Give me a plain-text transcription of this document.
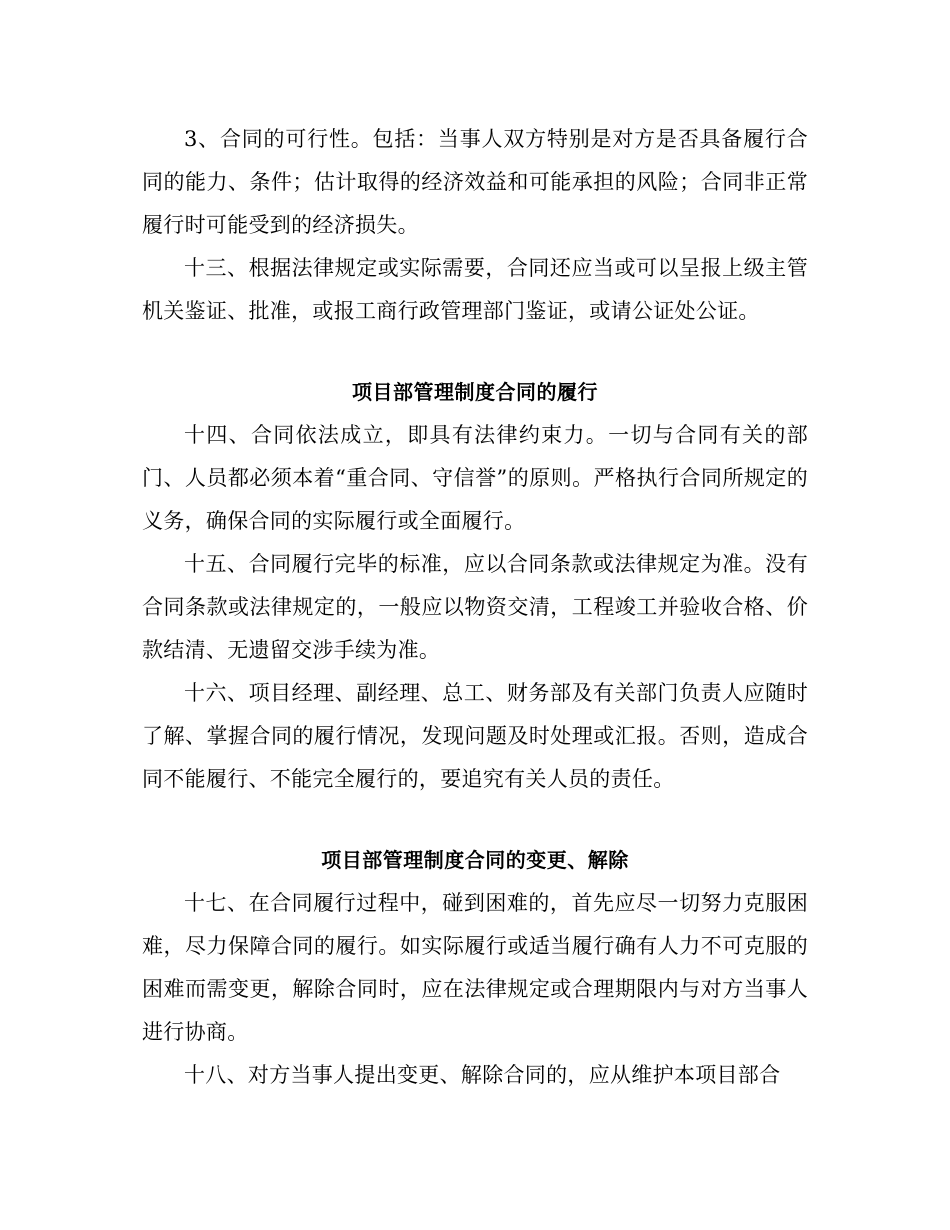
3、合同的可行性。包括：当事人双方特别是对方是否具备履行合同的能力、条件；估计取得的经济效益和可能承担的风险；合同非正常履行时可能受到的经济损失。

十三、根据法律规定或实际需要，合同还应当或可以呈报上级主管机关鉴证、批准，或报工商行政管理部门鉴证，或请公证处公证。

项目部管理制度合同的履行

十四、合同依法成立，即具有法律约束力。一切与合同有关的部门、人员都必须本着“重合同、守信誉”的原则。严格执行合同所规定的义务，确保合同的实际履行或全面履行。

十五、合同履行完毕的标准，应以合同条款或法律规定为准。没有合同条款或法律规定的，一般应以物资交清，工程竣工并验收合格、价款结清、无遗留交涉手续为准。

十六、项目经理、副经理、总工、财务部及有关部门负责人应随时了解、掌握合同的履行情况，发现问题及时处理或汇报。否则，造成合同不能履行、不能完全履行的，要追究有关人员的责任。

项目部管理制度合同的变更、解除

十七、在合同履行过程中，碰到困难的，首先应尽一切努力克服困难，尽力保障合同的履行。如实际履行或适当履行确有人力不可克服的困难而需变更，解除合同时，应在法律规定或合理期限内与对方当事人进行协商。

十八、对方当事人提出变更、解除合同的，应从维护本项目部合
